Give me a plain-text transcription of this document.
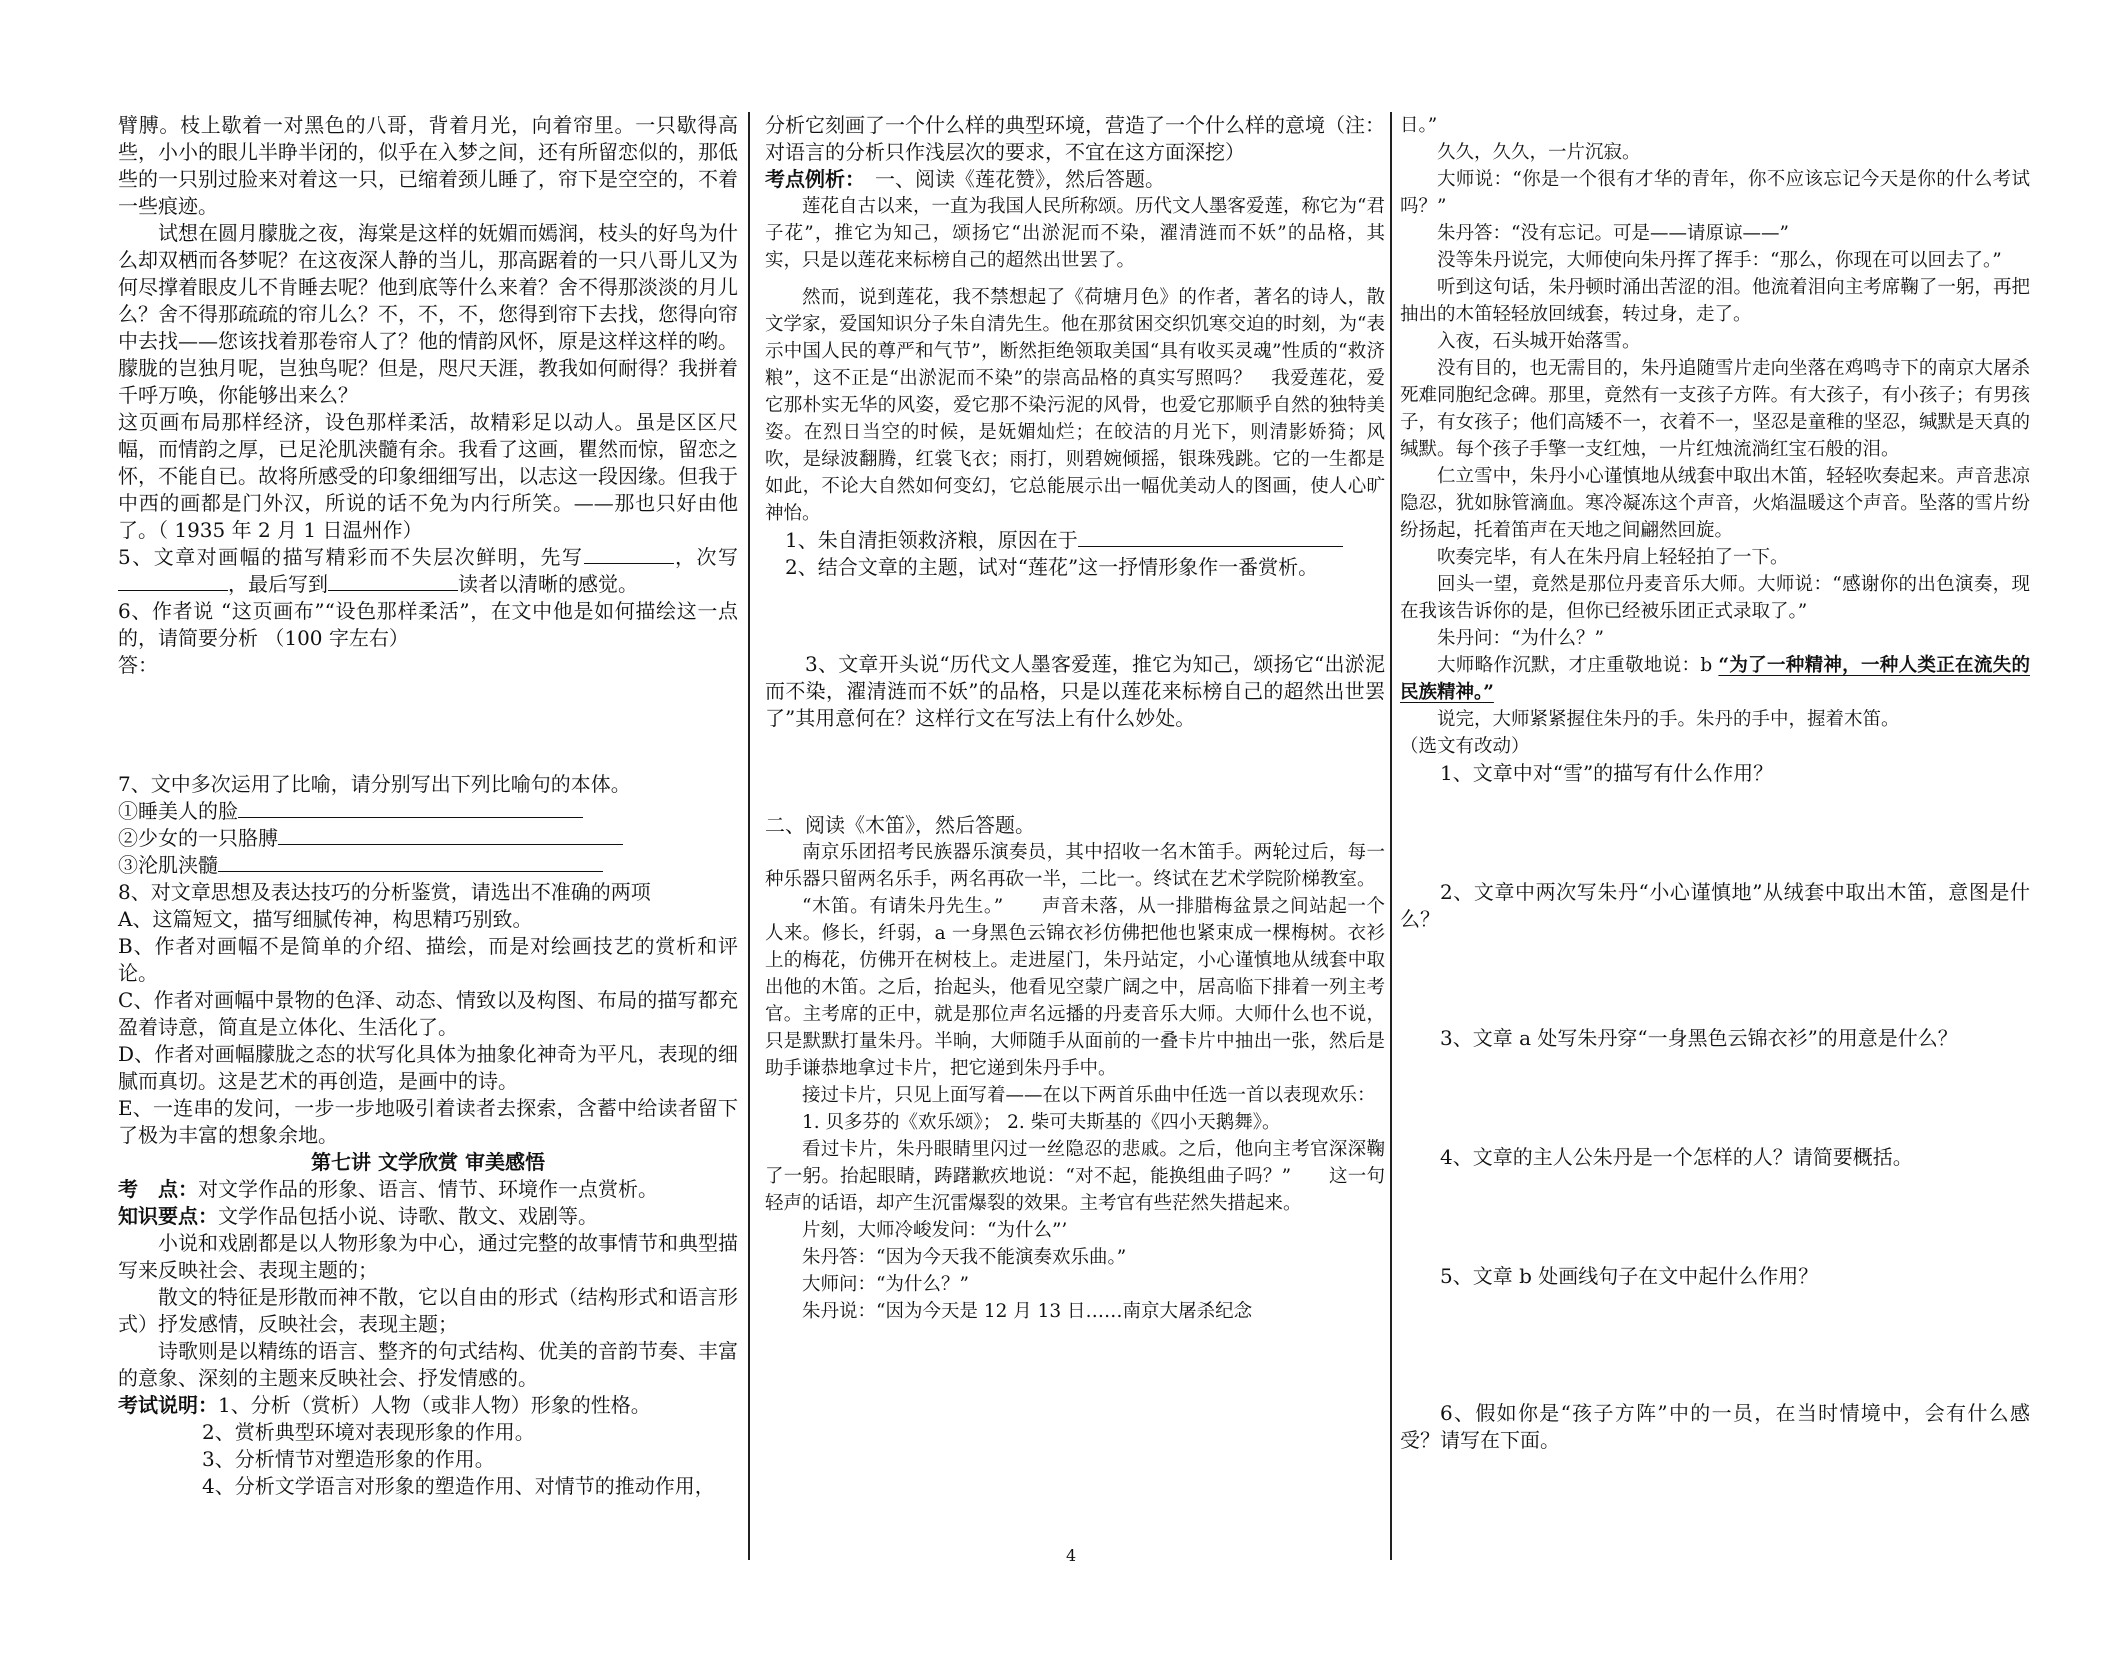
臂膊。枝上歇着一对黑色的八哥，背着月光，向着帘里。一只歇得高些，小小的眼儿半睁半闭的，似乎在入梦之间，还有所留恋似的，那低些的一只别过脸来对着这一只，已缩着颈儿睡了，帘下是空空的，不着一些痕迹。

试想在圆月朦胧之夜，海棠是这样的妩媚而嫣润，枝头的好鸟为什么却双栖而各梦呢？在这夜深人静的当儿，那高踞着的一只八哥儿又为何尽撑着眼皮儿不肯睡去呢？他到底等什么来着？舍不得那淡淡的月儿么？舍不得那疏疏的帘儿么？不，不，不，您得到帘下去找，您得向帘中去找——您该找着那卷帘人了？他的情韵风怀，原是这样这样的哟。朦胧的岂独月呢，岂独鸟呢？但是，咫尺天涯，教我如何耐得？我拼着千呼万唤，你能够出来么？

这页画布局那样经济，设色那样柔活，故精彩足以动人。虽是区区尺幅，而情韵之厚，已足沦肌浃髓有余。我看了这画，瞿然而惊，留恋之怀，不能自已。故将所感受的印象细细写出，以志这一段因缘。但我于中西的画都是门外汉，所说的话不免为内行所笑。——那也只好由他了。（ 1935 年 2 月 1 日温州作）

5、文章对画幅的描写精彩而不失层次鲜明，先写	，次写，最后写到	读者以清晰的感觉。

6、作者说 “这页画布”“设色那样柔活”，在文中他是如何描绘这一点的，请简要分析 （100 字左右）

答：

7、文中多次运用了比喻，请分别写出下列比喻句的本体。

①睡美人的脸

②少女的一只胳膊

③沦肌浃髓

8、对文章思想及表达技巧的分析鉴赏，请选出不准确的两项

A、这篇短文，描写细腻传神，构思精巧别致。

B、作者对画幅不是简单的介绍、描绘，而是对绘画技艺的赏析和评论。

C、作者对画幅中景物的色泽、动态、情致以及构图、布局的描写都充盈着诗意，简直是立体化、生活化了。

D、作者对画幅朦胧之态的状写化具体为抽象化神奇为平凡，表现的细腻而真切。这是艺术的再创造，是画中的诗。

E、一连串的发问，一步一步地吸引着读者去探索，含蓄中给读者留下了极为丰富的想象余地。

第七讲 文学欣赏 审美感悟

考　点：对文学作品的形象、语言、情节、环境作一点赏析。

知识要点：文学作品包括小说、诗歌、散文、戏剧等。

小说和戏剧都是以人物形象为中心，通过完整的故事情节和典型描写来反映社会、表现主题的；

散文的特征是形散而神不散，它以自由的形式（结构形式和语言形式）抒发感情，反映社会，表现主题；

诗歌则是以精练的语言、整齐的句式结构、优美的音韵节奏、丰富的意象、深刻的主题来反映社会、抒发情感的。

考试说明：1、分析（赏析）人物（或非人物）形象的性格。

2、赏析典型环境对表现形象的作用。

3、分析情节对塑造形象的作用。

4、分析文学语言对形象的塑造作用、对情节的推动作用，

分析它刻画了一个什么样的典型环境，营造了一个什么样的意境（注：对语言的分析只作浅层次的要求，不宜在这方面深挖）

考点例析：　一、阅读《莲花赞》，然后答题。

莲花自古以来，一直为我国人民所称颂。历代文人墨客爱莲，称它为“君子花”，推它为知己，颂扬它“出淤泥而不染，濯清涟而不妖”的品格，其实，只是以莲花来标榜自己的超然出世罢了。

然而，说到莲花，我不禁想起了《荷塘月色》的作者，著名的诗人，散文学家，爱国知识分子朱自清先生。他在那贫困交织饥寒交迫的时刻，为“表示中国人民的尊严和气节”，断然拒绝领取美国“具有收买灵魂”性质的“救济粮”，这不正是“出淤泥而不染”的崇高品格的真实写照吗？　我爱莲花，爱它那朴实无华的风姿，爱它那不染污泥的风骨，也爱它那顺乎自然的独特美姿。在烈日当空的时候，是妩媚灿烂；在皎洁的月光下，则清影娇猗；风吹，是绿波翻腾，红裳飞衣；雨打，则碧婉倾摇，银珠残跳。它的一生都是如此，不论大自然如何变幻，它总能展示出一幅优美动人的图画，使人心旷神怡。

1、朱自清拒领救济粮，原因在于

2、结合文章的主题，试对“莲花”这一抒情形象作一番赏析。

3、文章开头说“历代文人墨客爱莲，推它为知己，颂扬它“出淤泥而不染，濯清涟而不妖”的品格，只是以莲花来标榜自己的超然出世罢了”其用意何在？这样行文在写法上有什么妙处。

二、阅读《木笛》，然后答题。

南京乐团招考民族器乐演奏员，其中招收一名木笛手。两轮过后，每一种乐器只留两名乐手，两名再砍一半，二比一。终试在艺术学院阶梯教室。

“木笛。有请朱丹先生。”　　声音未落，从一排腊梅盆景之间站起一个人来。修长，纤弱，a 一身黑色云锦衣衫仿佛把他也紧束成一棵梅树。衣衫上的梅花，仿佛开在树枝上。走进屋门，朱丹站定，小心谨慎地从绒套中取出他的木笛。之后，抬起头，他看见空蒙广阔之中，居高临下排着一列主考官。主考席的正中，就是那位声名远播的丹麦音乐大师。大师什么也不说，只是默默打量朱丹。半晌，大师随手从面前的一叠卡片中抽出一张，然后是助手谦恭地拿过卡片，把它递到朱丹手中。

接过卡片，只见上面写着——在以下两首乐曲中任选一首以表现欢乐：

1. 贝多芬的《欢乐颂》； 2. 柴可夫斯基的《四小天鹅舞》。

看过卡片，朱丹眼睛里闪过一丝隐忍的悲戚。之后，他向主考官深深鞠了一躬。抬起眼睛，踌躇歉疚地说：“对不起，能换组曲子吗？”　　这一句轻声的话语，却产生沉雷爆裂的效果。主考官有些茫然失措起来。

片刻，大师冷峻发问：“为什么”’

朱丹答：“因为今天我不能演奏欢乐曲。”

大师问：“为什么？”

朱丹说：“因为今天是 12 月 13 日……南京大屠杀纪念

日。”

久久，久久，一片沉寂。

大师说：“你是一个很有才华的青年，你不应该忘记今天是你的什么考试吗？”

朱丹答：“没有忘记。可是——请原谅——”

没等朱丹说完，大师使向朱丹挥了挥手：“那么，你现在可以回去了。”

听到这句话，朱丹顿时涌出苦涩的泪。他流着泪向主考席鞠了一躬，再把抽出的木笛轻轻放回绒套，转过身，走了。

入夜，石头城开始落雪。

没有目的，也无需目的，朱丹追随雪片走向坐落在鸡鸣寺下的南京大屠杀死难同胞纪念碑。那里，竟然有一支孩子方阵。有大孩子，有小孩子；有男孩子，有女孩子；他们高矮不一，衣着不一，坚忍是童稚的坚忍，缄默是天真的缄默。每个孩子手擎一支红烛，一片红烛流淌红宝石般的泪。

仁立雪中，朱丹小心谨慎地从绒套中取出木笛，轻轻吹奏起来。声音悲凉隐忍，犹如脉管滴血。寒冷凝冻这个声音，火焰温暖这个声音。坠落的雪片纷纷扬起，托着笛声在天地之间翩然回旋。

吹奏完毕，有人在朱丹肩上轻轻拍了一下。

回头一望，竟然是那位丹麦音乐大师。大师说：“感谢你的出色演奏，现在我该告诉你的是，但你已经被乐团正式录取了。”

朱丹问：“为什么？”

大师略作沉默，才庄重敬地说：b “为了一种精神，一种人类正在流失的民族精神。”

说完，大师紧紧握住朱丹的手。朱丹的手中，握着木笛。

（选文有改动）

1、文章中对“雪”的描写有什么作用？

2、文章中两次写朱丹“小心谨慎地”从绒套中取出木笛，意图是什么？

3、文章 a 处写朱丹穿“一身黑色云锦衣衫”的用意是什么？

4、文章的主人公朱丹是一个怎样的人？请简要概括。

5、文章 b 处画线句子在文中起什么作用？

6、假如你是“孩子方阵”中的一员，在当时情境中，会有什么感受？请写在下面。

4
